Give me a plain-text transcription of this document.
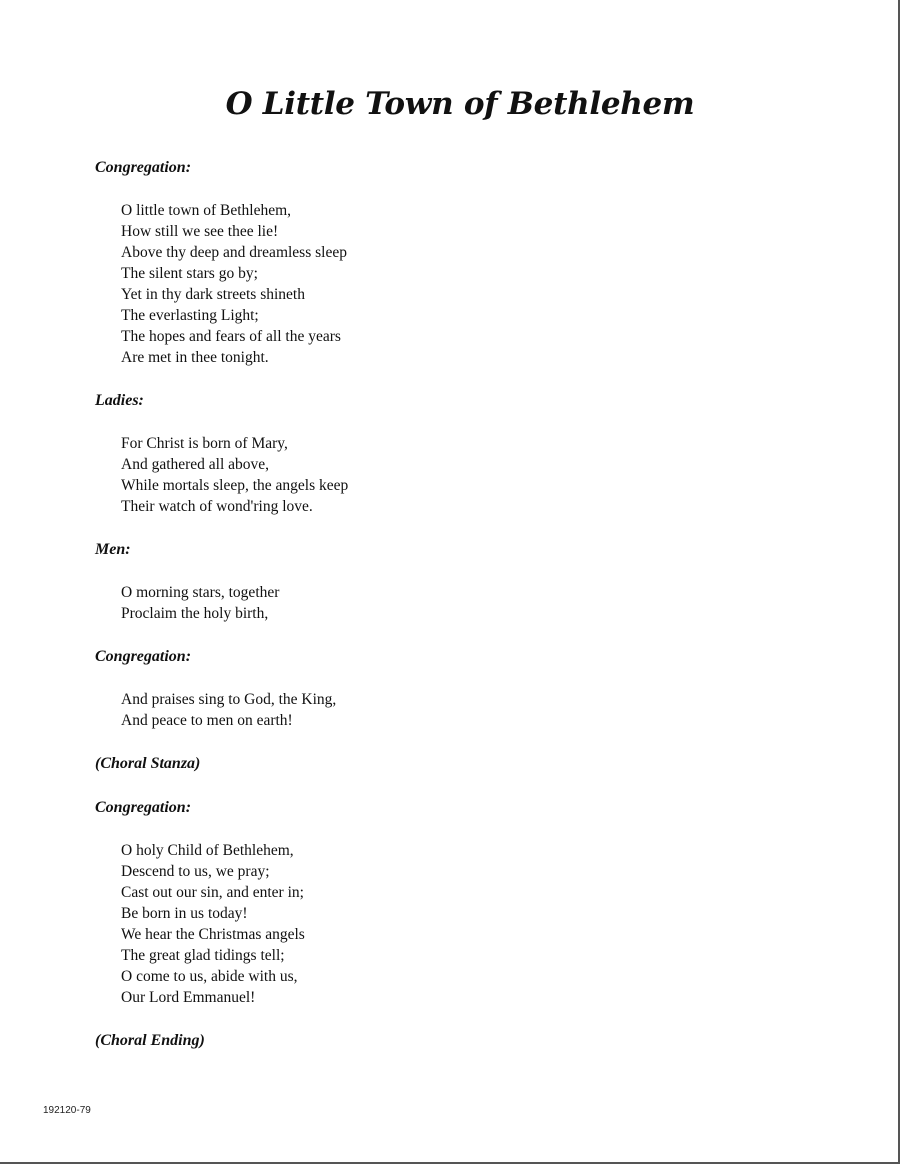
O Little Town of Bethlehem

Congregation:

O little town of Bethlehem,
How still we see thee lie!
Above thy deep and dreamless sleep
The silent stars go by;
Yet in thy dark streets shineth
The everlasting Light;
The hopes and fears of all the years
Are met in thee tonight.

Ladies:

For Christ is born of Mary,
And gathered all above,
While mortals sleep, the angels keep
Their watch of wond'ring love.

Men:

O morning stars, together
Proclaim the holy birth,

Congregation:

And praises sing to God, the King,
And peace to men on earth!

(Choral Stanza)

Congregation:

O holy Child of Bethlehem,
Descend to us, we pray;
Cast out our sin, and enter in;
Be born in us today!
We hear the Christmas angels
The great glad tidings tell;
O come to us, abide with us,
Our Lord Emmanuel!

(Choral Ending)

192120-79
